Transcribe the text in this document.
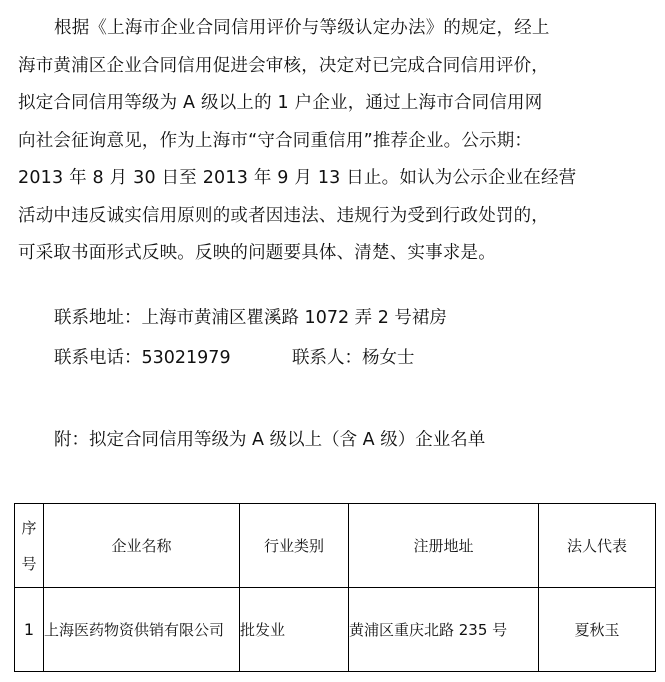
根据《上海市企业合同信用评价与等级认定办法》的规定，经上
海市黄浦区企业合同信用促进会审核，决定对已完成合同信用评价，
拟定合同信用等级为 A 级以上的 1 户企业，通过上海市合同信用网
向社会征询意见，作为上海市“守合同重信用”推荐企业。公示期：
2013 年 8 月 30 日至 2013 年 9 月 13 日止。如认为公示企业在经营
活动中违反诚实信用原则的或者因违法、违规行为受到行政处罚的，
可采取书面形式反映。反映的问题要具体、清楚、实事求是。
联系地址：上海市黄浦区瞿溪路 1072 弄 2 号裙房
联系电话：53021979	联系人：杨女士
附：拟定合同信用等级为 A 级以上（含 A 级）企业名单
序
号	企业名称	行业类别	注册地址	法人代表
1	上海医药物资供销有限公司	批发业	黄浦区重庆北路 235 号	夏秋玉
